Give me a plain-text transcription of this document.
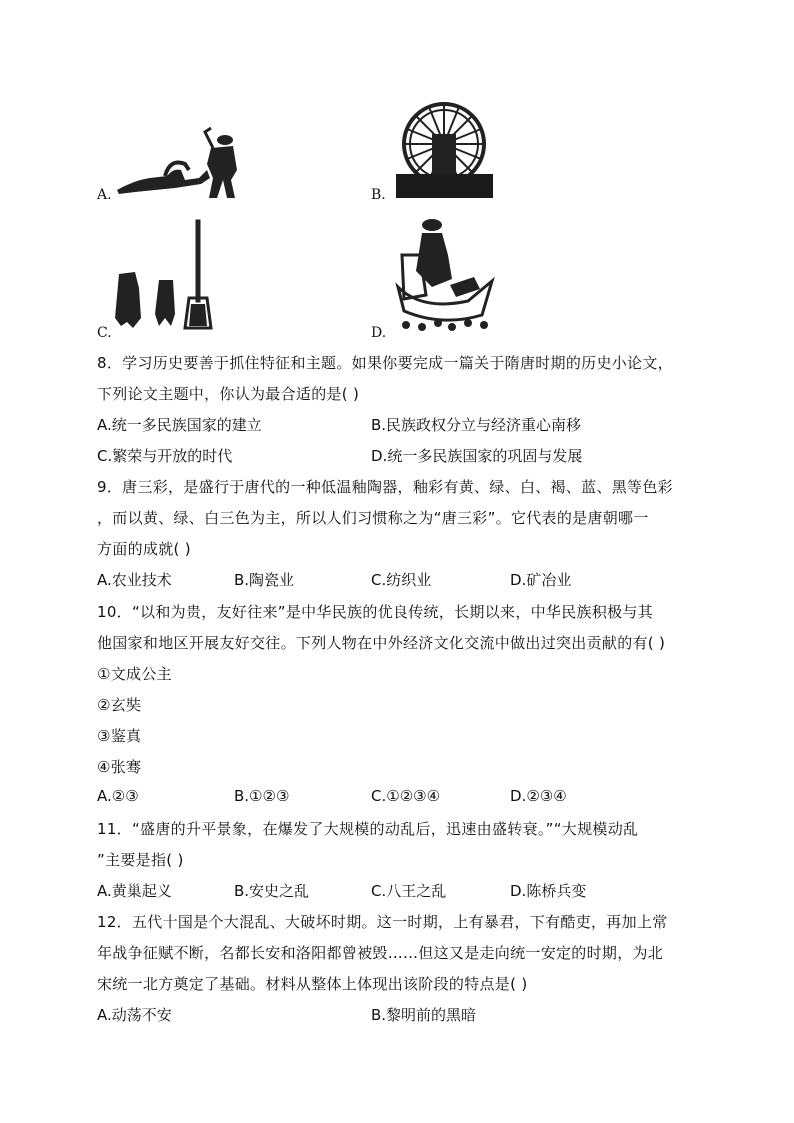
A.	B.
C.	D.
8．学习历史要善于抓住特征和主题。如果你要完成一篇关于隋唐时期的历史小论文，
下列论文主题中，你认为最合适的是( )
A.统一多民族国家的建立	B.民族政权分立与经济重心南移
C.繁荣与开放的时代	D.统一多民族国家的巩固与发展
9．唐三彩，是盛行于唐代的一种低温釉陶器，釉彩有黄、绿、白、褐、蓝、黑等色彩
，而以黄、绿、白三色为主，所以人们习惯称之为“唐三彩”。它代表的是唐朝哪一
方面的成就( )
A.农业技术	B.陶瓷业	C.纺织业	D.矿冶业
10．“以和为贵，友好往来”是中华民族的优良传统，长期以来，中华民族积极与其
他国家和地区开展友好交往。下列人物在中外经济文化交流中做出过突出贡献的有( )
①文成公主
②玄奘
③鉴真
④张骞
A.②③	B.①②③	C.①②③④	D.②③④
11．“盛唐的升平景象，在爆发了大规模的动乱后，迅速由盛转衰。”“大规模动乱
”主要是指( )
A.黄巢起义	B.安史之乱	C.八王之乱	D.陈桥兵变
12．五代十国是个大混乱、大破坏时期。这一时期，上有暴君，下有酷吏，再加上常
年战争征赋不断，名都长安和洛阳都曾被毁……但这又是走向统一安定的时期，为北
宋统一北方奠定了基础。材料从整体上体现出该阶段的特点是( )
A.动荡不安	B.黎明前的黑暗
